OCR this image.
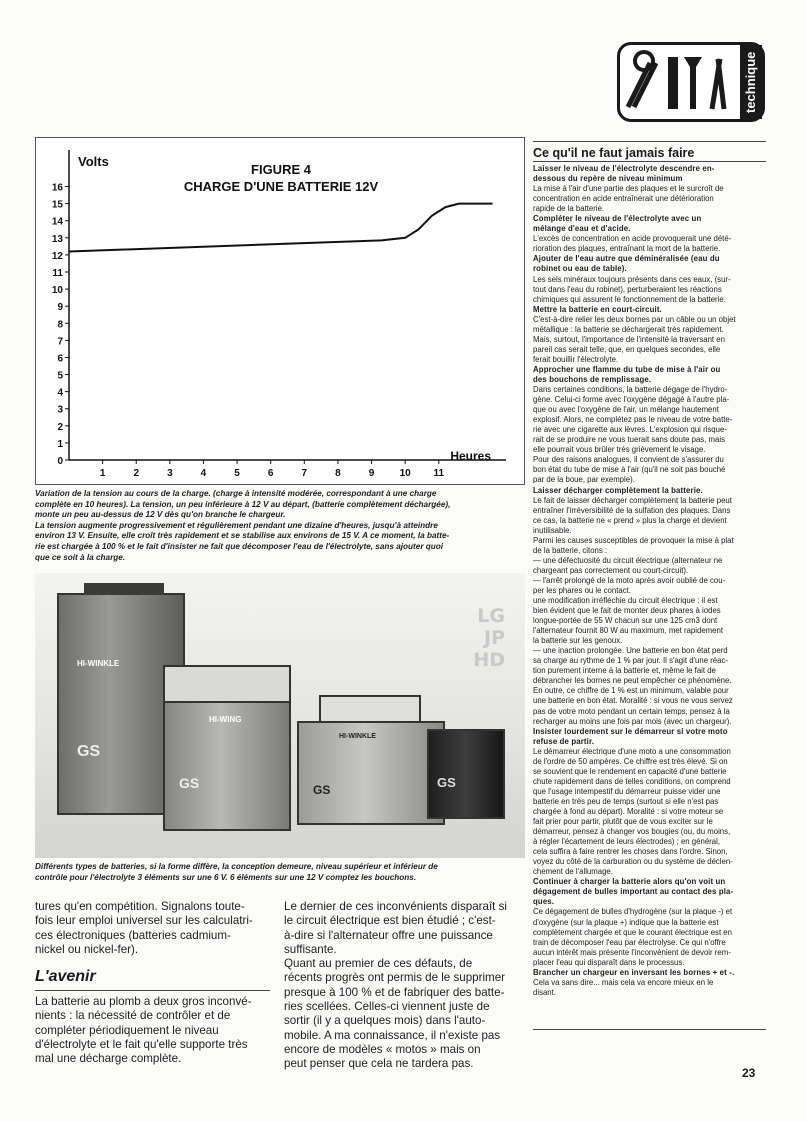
technique
Volts
FIGURE 4
CHARGE D'UNE BATTERIE 12V
Heures
0
1
2
3
4
5
6
7
8
9
10
11
12
13
14
15
16
1	2	3	4	5	6	7	8	9	10 11
Variation de la tension au cours de la charge. (charge à intensité modérée, correspondant à une charge
complète en 10 heures). La tension, un peu inférieure à 12 V au départ, (batterie complètement déchargée),
monte un peu au-dessus de 12 V dès qu'on branche le chargeur.
La tension augmente progressivement et régulièrement pendant une dizaine d'heures, jusqu'à atteindre
environ 13 V. Ensuite, elle croît très rapidement et se stabilise aux environs de 15 V. A ce moment, la batte-
rie est chargée à 100 % et le fait d'insister ne fait que décomposer l'eau de l'électrolyte, sans ajouter quoi
que ce soit à la charge.
HI-WINKLE
GS
HI-WING
GS
HI-WINKLE
GS	GS
LG
JP
HD
Différents types de batteries, si la forme diffère, la conception demeure, niveau supérieur et inférieur de
contrôle pour l'électrolyte 3 éléments sur une 6 V. 6 éléments sur une 12 V comptez les bouchons.
tures qu'en compétition. Signalons toute-
fois leur emploi universel sur les calculatri-
ces électroniques (batteries cadmium-
nickel ou nickel-fer).
L'avenir
La batterie au plomb a deux gros inconvé-
nients : la nécessité de contrôler et de
compléter périodiquement le niveau
d'électrolyte et le fait qu'elle supporte très
mal une décharge complète.
Le dernier de ces inconvénients disparaît si
le circuit électrique est bien étudié ; c'est-
à-dire si l'alternateur offre une puissance
suffisante.
Quant au premier de ces défauts, de
récents progrès ont permis de le supprimer
presque à 100 % et de fabriquer des batte-
ries scellées. Celles-ci viennent juste de
sortir (il y a quelques mois) dans l'auto-
mobile. A ma connaissance, il n'existe pas
encore de modèles « motos » mais on
peut penser que cela ne tardera pas.
Ce qu'il ne faut jamais faire

Laisser le niveau de l'électrolyte descendre en-

dessous du repère de niveau minimum

La mise à l'air d'une partie des plaques et le surcroît de

concentration en acide entraînerait une détérioration

rapide de la batterie.

Compléter le niveau de l'électrolyte avec un

mélange d'eau et d'acide.

L'excès de concentration en acide provoquerait une dété-

rioration des plaques, entraînant la mort de la batterie.

Ajouter de l'eau autre que déminéralisée (eau du

robinet ou eau de table).

Les sels minéraux toujours présents dans ces eaux, (sur-

tout dans l'eau du robinet), perturberaient les réactions

chimiques qui assurent le fonctionnement de la batterie.

Mettre la batterie en court-circuit.

C'est-à-dire relier les deux bornes par un câble ou un objet

métallique : la batterie se déchargerait très rapidement.

Mais, surtout, l'importance de l'intensité la traversant en

pareil cas serait telle, que, en quelques secondes, elle

ferait bouillir l'électrolyte.

Approcher une flamme du tube de mise à l'air ou

des bouchons de remplissage.

Dans certaines conditions, la batterie dégage de l'hydro-

gène. Celui-ci forme avec l'oxygène dégagé à l'autre pla-

que ou avec l'oxygène de l'air, un mélange hautement

explosif. Alors, ne complétez pas le niveau de votre batte-

rie avec une cigarette aux lèvres. L'explosion qui risque-

rait de se produire ne vous tuerait sans doute pas, mais

elle pourrait vous brûler très grièvement le visage.

Pour des raisons analogues, il convient de s'assurer du

bon état du tube de mise à l'air (qu'il ne soit pas bouché

par de la boue, par exemple).

Laisser décharger complètement la batterie.

Le fait de laisser décharger complètement la batterie peut

entraîner l'irréversibilité de la sulfation des plaques. Dans

ce cas, la batterie ne « prend » plus la charge et devient

inutilisable.

Parmi les causes susceptibles de provoquer la mise à plat

de la batterie, citons :

— une défectuosité du circuit électrique (alternateur ne

chargeant pas correctement ou court-circuit).

— l'arrêt prolongé de la moto après avoir oublié de cou-

per les phares ou le contact.

une modification irréfléchie du circuit électrique : il est

bien évident que le fait de monter deux phares à iodes

longue-portée de 55 W chacun sur une 125 cm3 dont

l'alternateur fournit 80 W au maximum, met rapidement

la batterie sur les genoux.

— une inaction prolongée. Une batterie en bon état perd

sa charge au rythme de 1 % par jour. Il s'agit d'une réac-

tion purement interne à la batterie et, même le fait de

débrancher les bornes ne peut empêcher ce phénomène.

En outre, ce chiffre de 1 % est un minimum, valable pour

une batterie en bon état. Moralité : si vous ne vous servez

pas de votre moto pendant un certain temps, pensez à la

recharger au moins une fois par mois (avec un chargeur).

Insister lourdement sur le démarreur si votre moto

refuse de partir.

Le démarreur électrique d'une moto a une consommation

de l'ordre de 50 ampères. Ce chiffre est très élevé. Si on

se souvient que le rendement en capacité d'une batterie

chute rapidement dans de telles conditions, on comprend

que l'usage intempestif du démarreur puisse vider une

batterie en très peu de temps (surtout si elle n'est pas

chargée à fond au départ). Moralité : si votre moteur se

fait prier pour partir, plutôt que de vous exciter sur le

démarreur, pensez à changer vos bougies (ou, du moins,

à régler l'écartement de leurs électrodes) ; en général,

cela suffira à faire rentrer les choses dans l'ordre. Sinon,

voyez du côté de la carburation ou du système de déclen-

chement de l'allumage.

Continuer à charger la batterie alors qu'on voit un

dégagement de bulles important au contact des pla-

ques.

Ce dégagement de bulles d'hydrogène (sur la plaque -) et

d'oxygène (sur la plaque +) indique que la batterie est

complètement chargée et que le courant électrique est en

train de décomposer l'eau par électrolyse. Ce qui n'offre

aucun intérêt mais présente l'inconvénient de devoir rem-

placer l'eau qui disparaît dans le processus.

Brancher un chargeur en inversant les bornes + et -.

Cela va sans dire... mais cela va encore mieux en le

disant.

23
